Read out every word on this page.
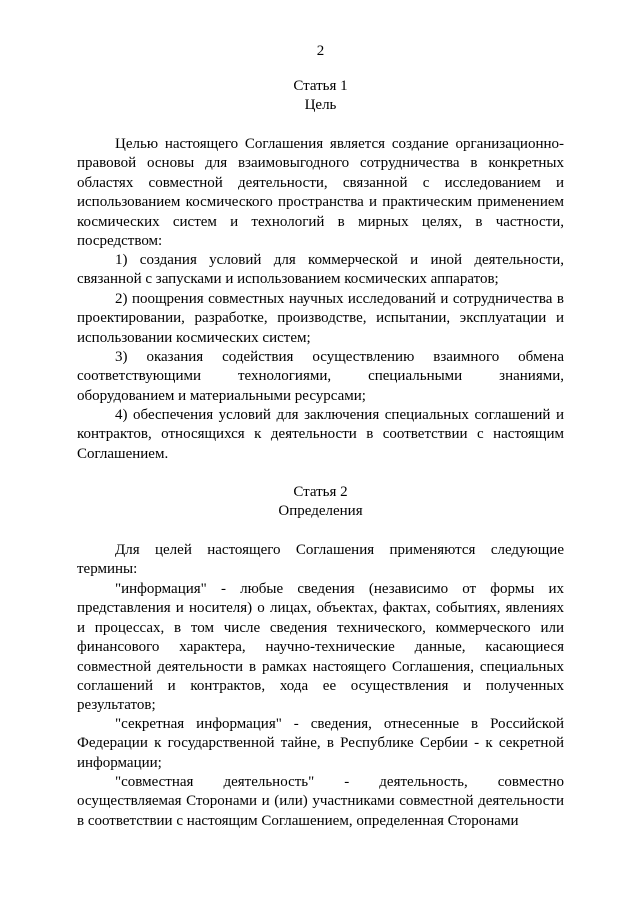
2
Статья 1
Цель
Целью настоящего Соглашения является создание организационно-правовой основы для взаимовыгодного сотрудничества в конкретных областях совместной деятельности, связанной с исследованием и использованием космического пространства и практическим применением космических систем и технологий в мирных целях, в частности, посредством:
1) создания условий для коммерческой и иной деятельности, связанной с запусками и использованием космических аппаратов;
2) поощрения совместных научных исследований и сотрудничества в проектировании, разработке, производстве, испытании, эксплуатации и использовании космических систем;
3) оказания содействия осуществлению взаимного обмена соответствующими технологиями, специальными знаниями, оборудованием и материальными ресурсами;
4) обеспечения условий для заключения специальных соглашений и контрактов, относящихся к деятельности в соответствии с настоящим Соглашением.
Статья 2
Определения
Для целей настоящего Соглашения применяются следующие термины:
"информация" - любые сведения (независимо от формы их представления и носителя) о лицах, объектах, фактах, событиях, явлениях и процессах, в том числе сведения технического, коммерческого или финансового характера, научно-технические данные, касающиеся совместной деятельности в рамках настоящего Соглашения, специальных соглашений и контрактов, хода ее осуществления и полученных результатов;
"секретная информация" - сведения, отнесенные в Российской Федерации к государственной тайне, в Республике Сербии - к секретной информации;
"совместная деятельность" - деятельность, совместно осуществляемая Сторонами и (или) участниками совместной деятельности в соответствии с настоящим Соглашением, определенная Сторонами
